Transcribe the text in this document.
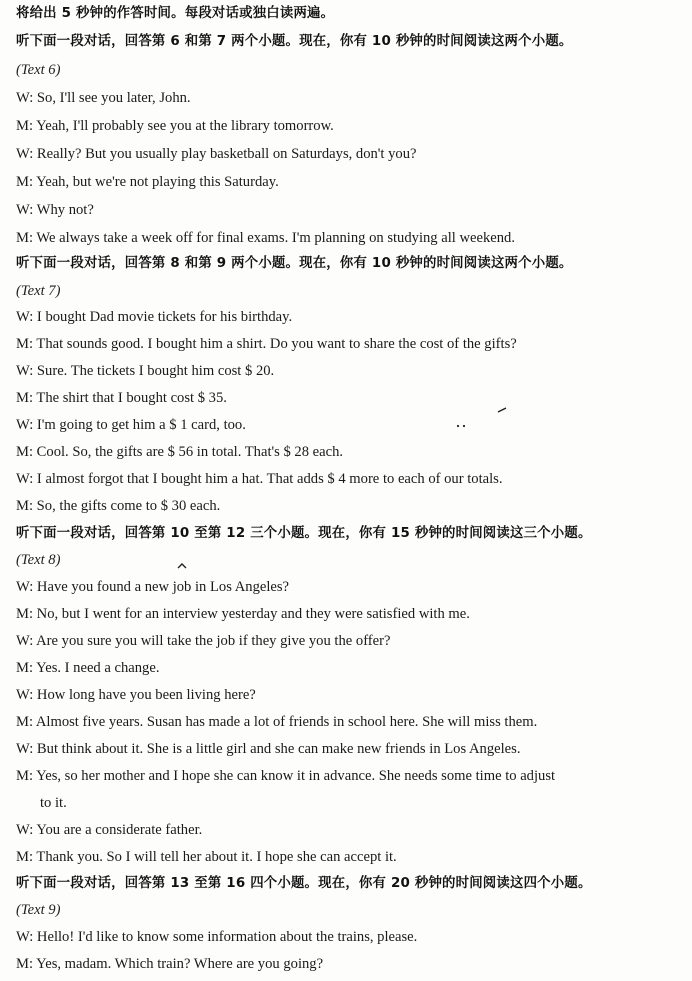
将给出 5 秒钟的作答时间。每段对话或独白读两遍。
听下面一段对话，回答第 6 和第 7 两个小题。现在，你有 10 秒钟的时间阅读这两个小题。
(Text 6)
W: So, I'll see you later, John.
M: Yeah, I'll probably see you at the library tomorrow.
W: Really? But you usually play basketball on Saturdays, don't you?
M: Yeah, but we're not playing this Saturday.
W: Why not?
M: We always take a week off for final exams. I'm planning on studying all weekend.
听下面一段对话，回答第 8 和第 9 两个小题。现在，你有 10 秒钟的时间阅读这两个小题。
(Text 7)
W: I bought Dad movie tickets for his birthday.
M: That sounds good. I bought him a shirt. Do you want to share the cost of the gifts?
W: Sure. The tickets I bought him cost $ 20.
M: The shirt that I bought cost $ 35.
W: I'm going to get him a $ 1 card, too.
M: Cool. So, the gifts are $ 56 in total. That's $ 28 each.
W: I almost forgot that I bought him a hat. That adds $ 4 more to each of our totals.
M: So, the gifts come to $ 30 each.
听下面一段对话，回答第 10 至第 12 三个小题。现在，你有 15 秒钟的时间阅读这三个小题。
(Text 8)
W: Have you found a new job in Los Angeles?
M: No, but I went for an interview yesterday and they were satisfied with me.
W: Are you sure you will take the job if they give you the offer?
M: Yes. I need a change.
W: How long have you been living here?
M: Almost five years. Susan has made a lot of friends in school here. She will miss them.
W: But think about it. She is a little girl and she can make new friends in Los Angeles.
M: Yes, so her mother and I hope she can know it in advance. She needs some time to adjust
to it.
W: You are a considerate father.
M: Thank you. So I will tell her about it. I hope she can accept it.
听下面一段对话，回答第 13 至第 16 四个小题。现在，你有 20 秒钟的时间阅读这四个小题。
(Text 9)
W: Hello! I'd like to know some information about the trains, please.
M: Yes, madam. Which train? Where are you going?
